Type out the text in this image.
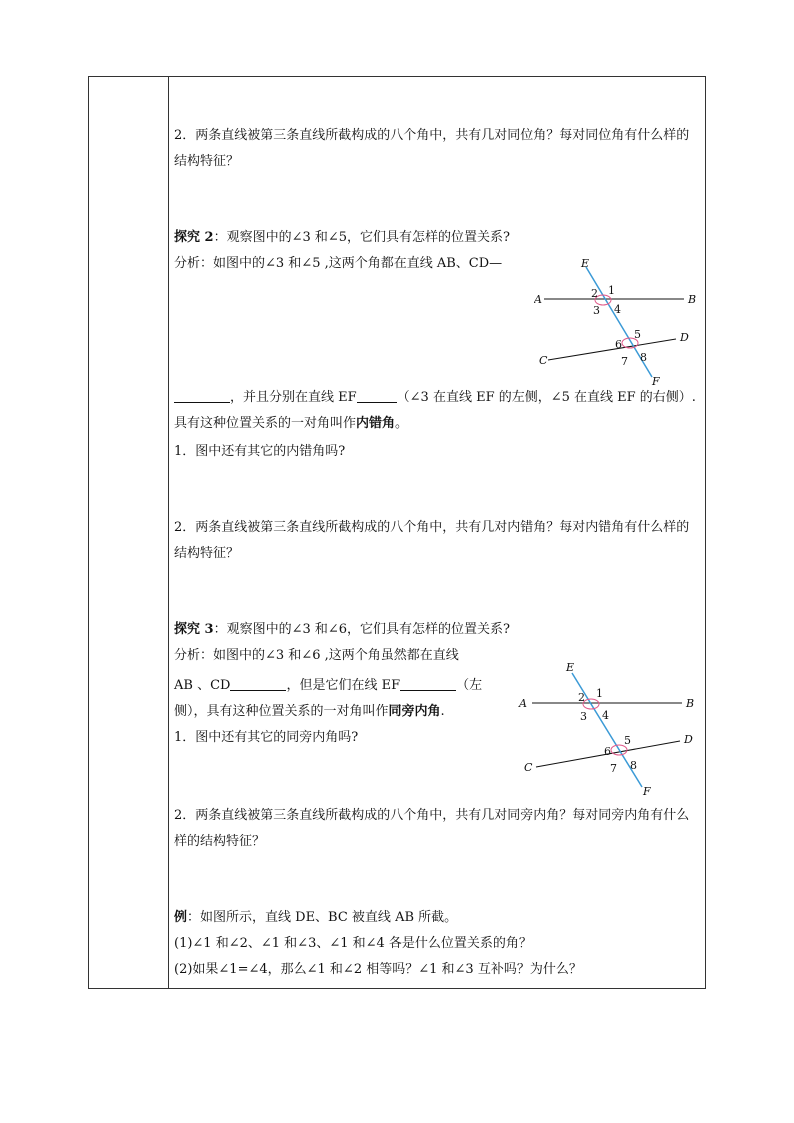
2．两条直线被第三条直线所截构成的八个角中，共有几对同位角？每对同位角有什么样的结构特征？
探究 2：观察图中的∠3 和∠5，它们具有怎样的位置关系?
分析：如图中的∠3 和∠5 ,这两个角都在直线 AB、CD—
A	B
C
D
E
F
1
2
3 4
5
6
7 8
，并且分别在直线 EF	（∠3 在直线 EF 的左侧，∠5 在直线 EF 的右侧）.具有这种位置关系的一对角叫作内错角。
1．图中还有其它的内错角吗?
2．两条直线被第三条直线所截构成的八个角中，共有几对内错角？每对内错角有什么样的结构特征？
探究 3：观察图中的∠3 和∠6，它们具有怎样的位置关系?
分析：如图中的∠3 和∠6 ,这两个角虽然都在直线
AB 、CD	，但是它们在线 EF	（左
侧），具有这种位置关系的一对角叫作同旁内角.
1．图中还有其它的同旁内角吗?
A	B
C
D
E
F
1
2
3 4
5
6
7 8
2．两条直线被第三条直线所截构成的八个角中，共有几对同旁内角？每对同旁内角有什么样的结构特征？
例：如图所示，直线 DE、BC 被直线 AB 所截。
(1)∠1 和∠2、∠1 和∠3、∠1 和∠4 各是什么位置关系的角？
(2)如果∠1=∠4，那么∠1 和∠2 相等吗？∠1 和∠3 互补吗？为什么？
